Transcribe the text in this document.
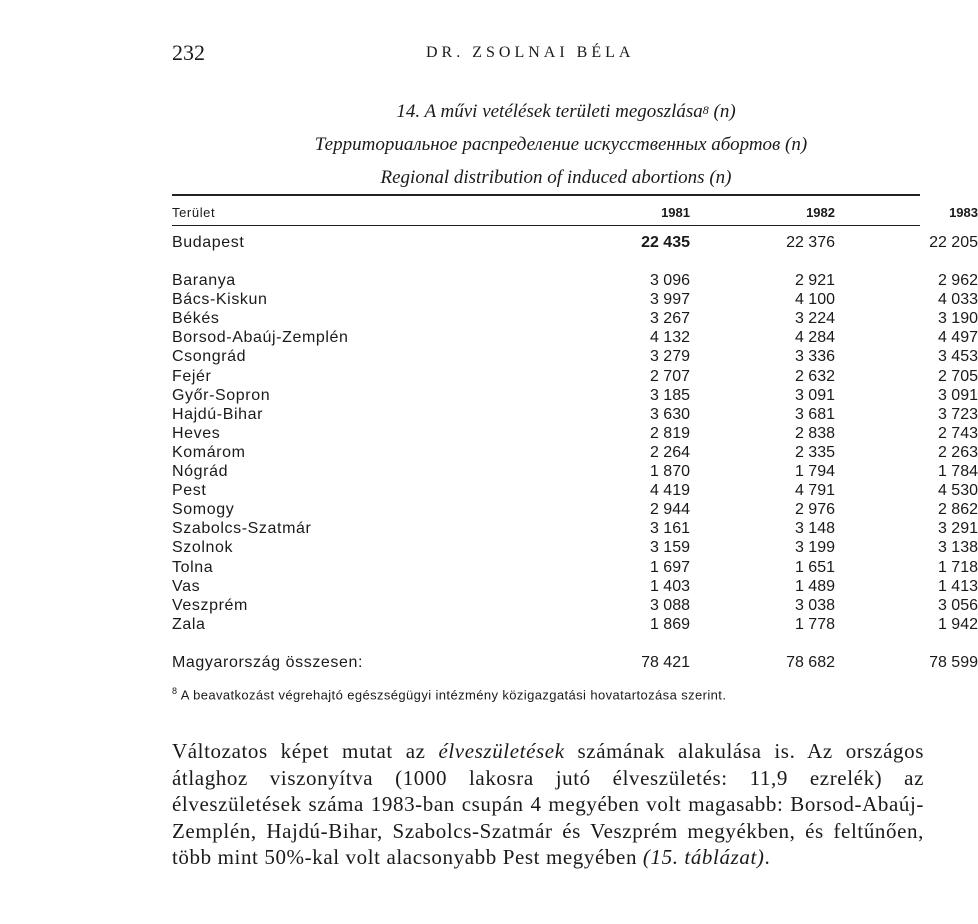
232	DR. ZSOLNAI BÉLA
14. A művi vetélések területi megoszlása$^8$ (n)
Территориальное распределение искусственных абортов (n)
Regional distribution of induced abortions (n)
Terület	1981	1982	1983
Budapest	22 435	22 376	22 205
Baranya	3 096	2 921	2 962
Bács-Kiskun	3 997	4 100	4 033
Békés	3 267	3 224	3 190
Borsod-Abaúj-Zemplén	4 132	4 284	4 497
Csongrád	3 279	3 336	3 453
Fejér	2 707	2 632	2 705
Győr-Sopron	3 185	3 091	3 091
Hajdú-Bihar	3 630	3 681	3 723
Heves	2 819	2 838	2 743
Komárom	2 264	2 335	2 263
Nógrád	1 870	1 794	1 784
Pest	4 419	4 791	4 530
Somogy	2 944	2 976	2 862
Szabolcs-Szatmár	3 161	3 148	3 291
Szolnok	3 159	3 199	3 138
Tolna	1 697	1 651	1 718
Vas	1 403	1 489	1 413
Veszprém	3 088	3 038	3 056
Zala	1 869	1 778	1 942
Magyarország összesen:	78 421	78 682	78 599
$^8$ A beavatkozást végrehajtó egészségügyi intézmény közigazgatási hovatartozása szerint.
Változatos képet mutat az élveszületések számának alakulása is. Az országos átlaghoz viszonyítva (1000 lakosra jutó élveszületés: 11,9 ezrelék) az élveszületések száma 1983-ban csupán 4 megyében volt magasabb: Borsod-Abaúj-Zemplén, Hajdú-Bihar, Szabolcs-Szatmár és Veszprém megyékben, és feltűnően, több mint 50%-kal volt alacsonyabb Pest megyében (15. táblázat).
